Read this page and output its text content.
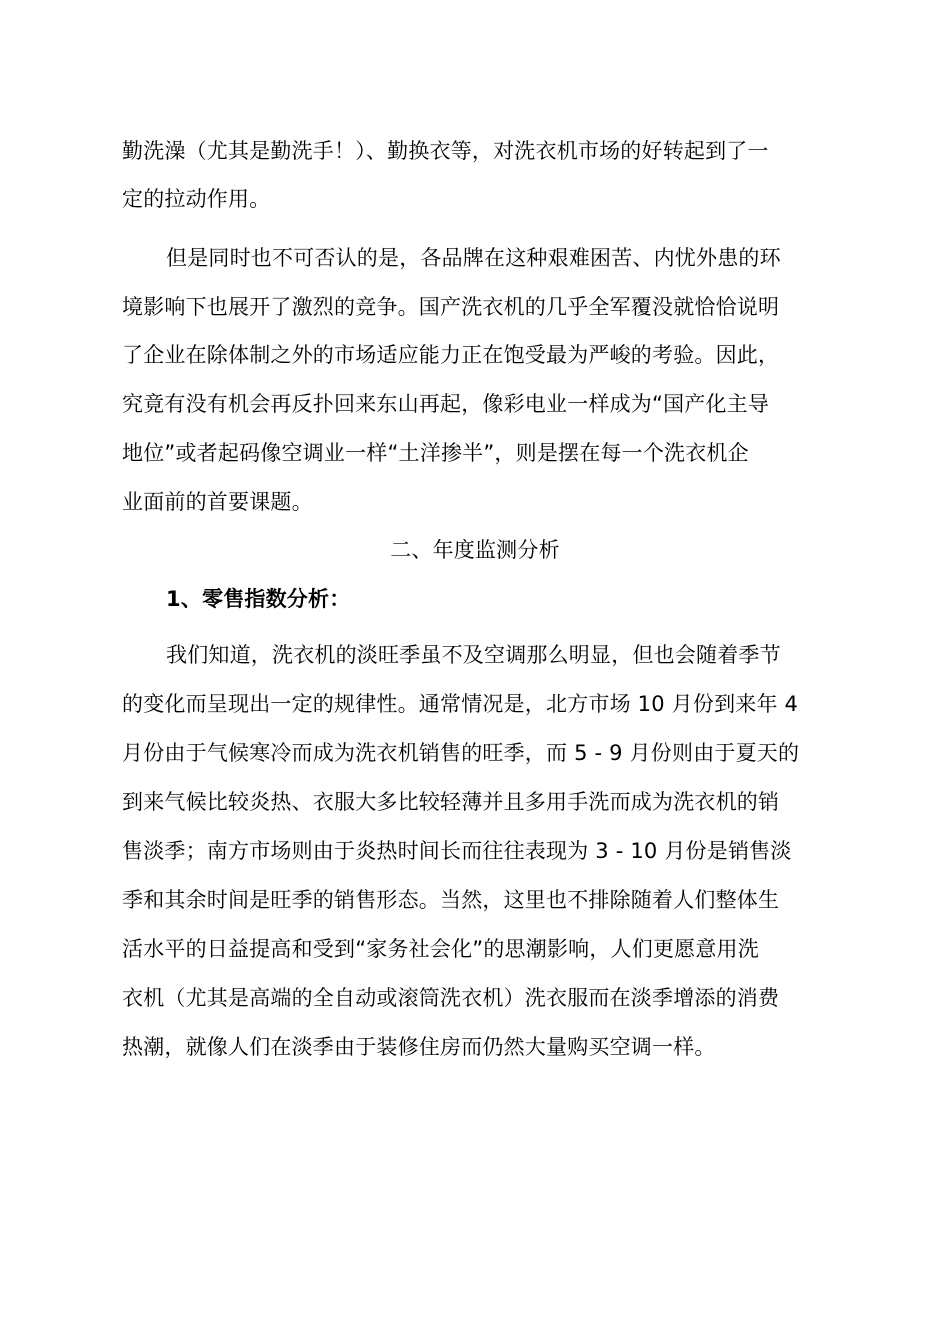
勤洗澡（尤其是勤洗手！）、勤换衣等，对洗衣机市场的好转起到了一
定的拉动作用。
但是同时也不可否认的是，各品牌在这种艰难困苦、内忧外患的环
境影响下也展开了激烈的竞争。国产洗衣机的几乎全军覆没就恰恰说明
了企业在除体制之外的市场适应能力正在饱受最为严峻的考验。因此，
究竟有没有机会再反扑回来东山再起，像彩电业一样成为“国产化主导
地位”或者起码像空调业一样“土洋掺半”，则是摆在每一个洗衣机企
业面前的首要课题。
二、年度监测分析
1、零售指数分析：
我们知道，洗衣机的淡旺季虽不及空调那么明显，但也会随着季节
的变化而呈现出一定的规律性。通常情况是，北方市场 10 月份到来年 4
月份由于气候寒冷而成为洗衣机销售的旺季，而 5 - 9 月份则由于夏天的
到来气候比较炎热、衣服大多比较轻薄并且多用手洗而成为洗衣机的销
售淡季；南方市场则由于炎热时间长而往往表现为 3 - 10 月份是销售淡
季和其余时间是旺季的销售形态。当然，这里也不排除随着人们整体生
活水平的日益提高和受到“家务社会化”的思潮影响，人们更愿意用洗
衣机（尤其是高端的全自动或滚筒洗衣机）洗衣服而在淡季增添的消费
热潮，就像人们在淡季由于装修住房而仍然大量购买空调一样。
